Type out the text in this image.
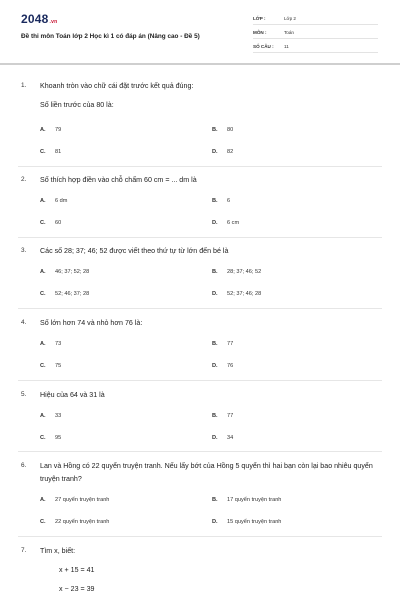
2048.vn
Đề thi môn Toán lớp 2 Học kì 1 có đáp án (Nâng cao - Đề 5)
LỚP :	Lớp 2
MÔN :	Toán
SỐ CÂU : 11
1. Khoanh tròn vào chữ cái đặt trước kết quả đúng:
Số liền trước của 80 là:
A. 79	B. 80
C. 81	D. 82
2. Số thích hợp điền vào chỗ chấm 60 cm = ... dm là
A. 6 dm	B. 6
C. 60	D. 6 cm
3. Các số 28; 37; 46; 52 được viết theo thứ tự từ lớn đến bé là
A. 46; 37; 52; 28	B. 28; 37; 46; 52
C. 52; 46; 37; 28	D. 52; 37; 46; 28
4. Số lớn hơn 74 và nhỏ hơn 76 là:
A. 73	B. 77
C. 75	D. 76
5. Hiệu của 64 và 31 là
A. 33	B. 77
C. 95	D. 34
6. Lan và Hồng có 22 quyển truyện tranh. Nếu lấy bớt của Hồng 5 quyển thì hai bạn còn lại bao nhiêu quyển truyện tranh?
A. 27 quyển truyện tranh	B. 17 quyển truyện tranh
C. 22 quyển truyện tranh	D. 15 quyển truyện tranh
7. Tìm x, biết:
x + 15 = 41
x − 23 = 39
